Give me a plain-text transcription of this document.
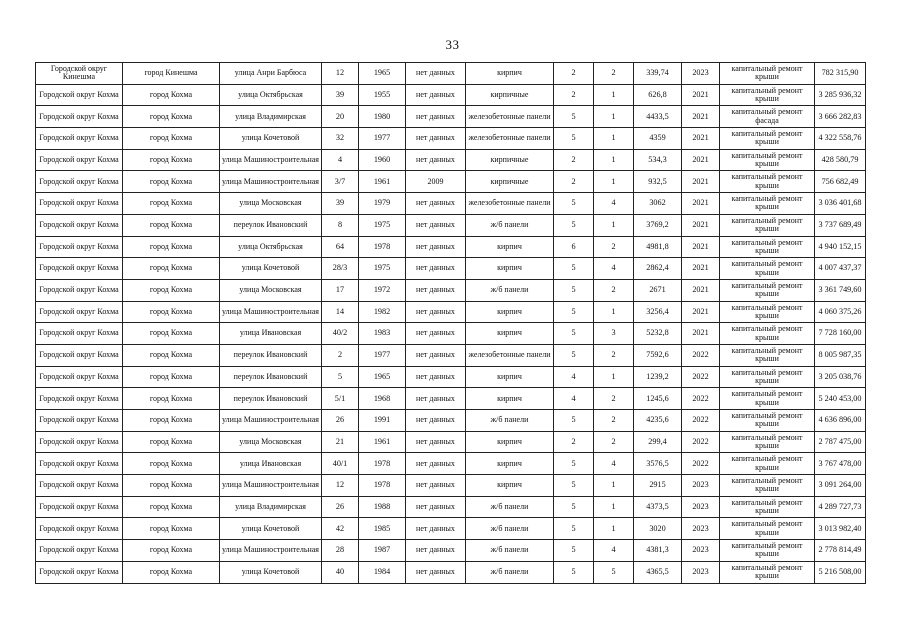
33
Городской округ Кинешма	город Кинешма	улица Анри Барбюса	12	1965	нет данных	кирпич	2	2	339,74	2023	капитальный ремонт крыши	782 315,90
Городской округ Кохма	город Кохма	улица Октябрьская	39	1955	нет данных	кирпичные	2	1	626,8	2021	капитальный ремонт крыши	3 285 936,32
Городской округ Кохма	город Кохма	улица Владимирская	20	1980	нет данных	железобетонные панели	5	1	4433,5	2021	капитальный ремонт фасада	3 666 282,83
Городской округ Кохма	город Кохма	улица Кочетовой	32	1977	нет данных	железобетонные панели	5	1	4359	2021	капитальный ремонт крыши	4 322 558,76
Городской округ Кохма	город Кохма	улица Машиностроительная	4	1960	нет данных	кирпичные	2	1	534,3	2021	капитальный ремонт крыши	428 580,79
Городской округ Кохма	город Кохма	улица Машиностроительная	3/7	1961	2009	кирпичные	2	1	932,5	2021	капитальный ремонт крыши	756 682,49
Городской округ Кохма	город Кохма	улица Московская	39	1979	нет данных	железобетонные панели	5	4	3062	2021	капитальный ремонт крыши	3 036 401,68
Городской округ Кохма	город Кохма	переулок Ивановский	8	1975	нет данных	ж/б панели	5	1	3769,2	2021	капитальный ремонт крыши	3 737 689,49
Городской округ Кохма	город Кохма	улица Октябрьская	64	1978	нет данных	кирпич	6	2	4981,8	2021	капитальный ремонт крыши	4 940 152,15
Городской округ Кохма	город Кохма	улица Кочетовой	28/3	1975	нет данных	кирпич	5	4	2862,4	2021	капитальный ремонт крыши	4 007 437,37
Городской округ Кохма	город Кохма	улица Московская	17	1972	нет данных	ж/б панели	5	2	2671	2021	капитальный ремонт крыши	3 361 749,60
Городской округ Кохма	город Кохма	улица Машиностроительная	14	1982	нет данных	кирпич	5	1	3256,4	2021	капитальный ремонт крыши	4 060 375,26
Городской округ Кохма	город Кохма	улица Ивановская	40/2	1983	нет данных	кирпич	5	3	5232,8	2021	капитальный ремонт крыши	7 728 160,00
Городской округ Кохма	город Кохма	переулок Ивановский	2	1977	нет данных	железобетонные панели	5	2	7592,6	2022	капитальный ремонт крыши	8 005 987,35
Городской округ Кохма	город Кохма	переулок Ивановский	5	1965	нет данных	кирпич	4	1	1239,2	2022	капитальный ремонт крыши	3 205 038,76
Городской округ Кохма	город Кохма	переулок Ивановский	5/1	1968	нет данных	кирпич	4	2	1245,6	2022	капитальный ремонт крыши	5 240 453,00
Городской округ Кохма	город Кохма	улица Машиностроительная	26	1991	нет данных	ж/б панели	5	2	4235,6	2022	капитальный ремонт крыши	4 636 896,00
Городской округ Кохма	город Кохма	улица Московская	21	1961	нет данных	кирпич	2	2	299,4	2022	капитальный ремонт крыши	2 787 475,00
Городской округ Кохма	город Кохма	улица Ивановская	40/1	1978	нет данных	кирпич	5	4	3576,5	2022	капитальный ремонт крыши	3 767 478,00
Городской округ Кохма	город Кохма	улица Машиностроительная	12	1978	нет данных	кирпич	5	1	2915	2023	капитальный ремонт крыши	3 091 264,00
Городской округ Кохма	город Кохма	улица Владимирская	26	1988	нет данных	ж/б панели	5	1	4373,5	2023	капитальный ремонт крыши	4 289 727,73
Городской округ Кохма	город Кохма	улица Кочетовой	42	1985	нет данных	ж/б панели	5	1	3020	2023	капитальный ремонт крыши	3 013 982,40
Городской округ Кохма	город Кохма	улица Машиностроительная	28	1987	нет данных	ж/б панели	5	4	4381,3	2023	капитальный ремонт крыши	2 778 814,49
Городской округ Кохма	город Кохма	улица Кочетовой	40	1984	нет данных	ж/б панели	5	5	4365,5	2023	капитальный ремонт крыши	5 216 508,00
